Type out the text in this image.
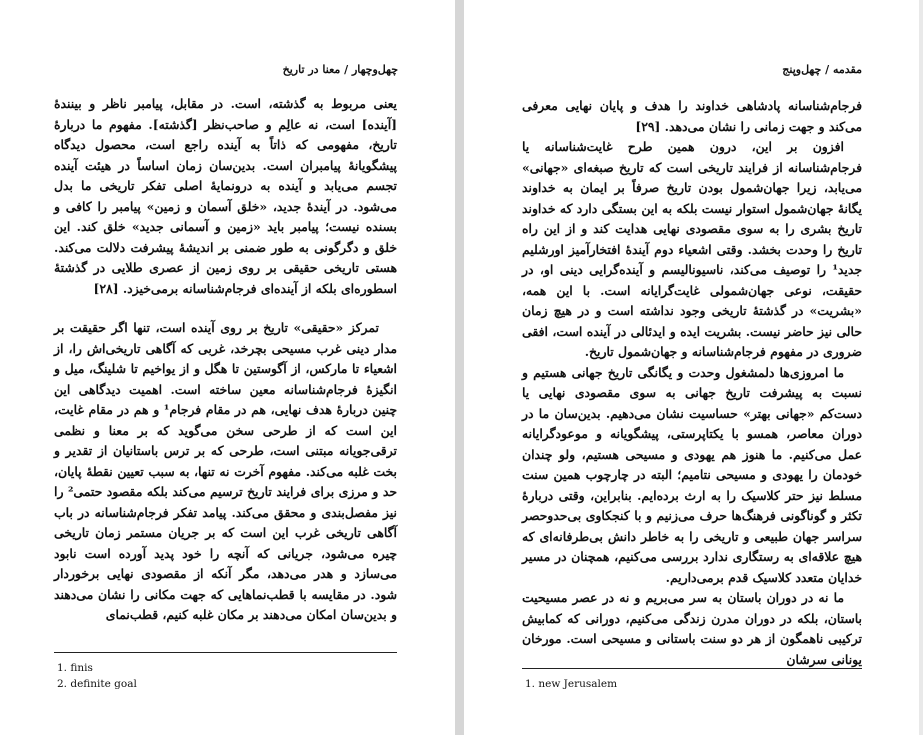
چهل‌وچهار / معنا در تاریخ

یعنی مربوط به گذشته، است. در مقابل، پیامبر ناظر و بینندۀ [آینده] است، نه عالِم و صاحب‌نظر [گذشته]. مفهوم ما دربارۀ تاریخ، مفهومی که ذاتاً به آینده راجع است، محصول دیدگاه پیشگویانۀ پیامبران است. بدین‌سان زمان اساساً در هیئت آینده تجسم می‌یابد و آینده به درونمایۀ اصلی تفکر تاریخی ما بدل می‌شود. در آیندۀ جدید، «خلق آسمان و زمین» پیامبر را کافی و بسنده نیست؛ پیامبر باید «زمین و آسمانی جدید» خلق کند. این خلق و دگرگونی به طور ضمنی بر اندیشۀ پیشرفت دلالت می‌کند. هستی تاریخی حقیقی بر روی زمین از عصری طلایی در گذشتۀ اسطوره‌ای بلکه از آینده‌ای فرجام‌شناسانه برمی‌خیزد. [۲۸]

تمرکز «حقیقی» تاریخ بر روی آینده است، تنها اگر حقیقت بر مدار دینی غرب مسیحی بچرخد، غربی که آگاهی تاریخی‌اش را، از اشعیاء تا مارکس، از آگوستین تا هگل و از یواخیم تا شلینگ، میل و انگیزۀ فرجام‌شناسانه معین ساخته است. اهمیت دیدگاهی این چنین دربارۀ هدف نهایی، هم در مقام فرجام¹ و هم در مقام غایت، این است که از طرحی سخن می‌گوید که بر معنا و نظمی ترقی‌جویانه مبتنی است، طرحی که بر ترس باستانیان از تقدیر و بخت غلبه می‌کند. مفهوم آخرت نه تنها، به سبب تعیین نقطۀ پایان، حد و مرزی برای فرایند تاریخ ترسیم می‌کند بلکه مقصود حتمی² را نیز مفصل‌بندی و محقق می‌کند. پیامد تفکر فرجام‌شناسانه در باب آگاهی تاریخی غرب این است که بر جریان مستمر زمان تاریخی چیره می‌شود، جریانی که آنچه را خود پدید آورده است نابود می‌سازد و هدر می‌دهد، مگر آنکه از مقصودی نهایی برخوردار شود. در مقایسه با قطب‌نماهایی که جهت مکانی را نشان می‌دهند و بدین‌سان امکان می‌دهند بر مکان غلبه کنیم، قطب‌نمای

1. finis
2. definite goal
مقدمه / چهل‌وپنج

فرجام‌شناسانه پادشاهی خداوند را هدف و پایان نهایی معرفی می‌کند و جهت زمانی را نشان می‌دهد. [۲۹]

افزون بر این، درون همین طرح غایت‌شناسانه یا فرجام‌شناسانه از فرایند تاریخی است که تاریخ صبغه‌ای «جهانی» می‌یابد، زیرا جهان‌شمول بودن تاریخ صرفاً بر ایمان به خداوند یگانۀ جهان‌شمول استوار نیست بلکه به این بستگی دارد که خداوند تاریخ بشری را به سوی مقصودی نهایی هدایت کند و از این راه تاریخ را وحدت بخشد. وقتی اشعیاء دوم آیندۀ افتخارآمیز اورشلیم جدید¹ را توصیف می‌کند، ناسیونالیسم و آینده‌گرایی دینی او، در حقیقت، نوعی جهان‌شمولی غایت‌گرایانه است. با این همه، «بشریت» در گذشتۀ تاریخی وجود نداشته است و در هیچ زمان حالی نیز حاضر نیست. بشریت ایده و ایدئالی در آینده است، افقی ضروری در مفهوم فرجام‌شناسانه و جهان‌شمول تاریخ.

ما امروزی‌ها دلمشغول وحدت و یگانگی تاریخ جهانی هستیم و نسبت به پیشرفت تاریخ جهانی به سوی مقصودی نهایی یا دست‌کم «جهانی بهتر» حساسیت نشان می‌دهیم. بدین‌سان ما در دوران معاصر، همسو با یکتاپرستی، پیشگویانه و موعودگرایانه عمل می‌کنیم. ما هنوز هم یهودی و مسیحی هستیم، ولو چندان خودمان را یهودی و مسیحی نتامیم؛ البته در چارچوب همین سنت مسلط نیز حتر کلاسیک را به ارث برده‌ایم. بنابراین، وقتی دربارۀ تکثر و گوناگونی فرهنگ‌ها حرف می‌زنیم و با کنجکاوی بی‌حدوحصر سراسر جهان طبیعی و تاریخی را به خاطر دانش بی‌طرفانه‌ای که هیچ علاقه‌ای به رستگاری ندارد بررسی می‌کنیم، همچنان در مسیر خدایان متعدد کلاسیک قدم برمی‌داریم.

ما نه در دوران باستان به سر می‌بریم و نه در عصر مسیحیت باستان، بلکه در دوران مدرن زندگی می‌کنیم، دورانی که کمابیش ترکیبی ناهمگون از هر دو سنت باستانی و مسیحی است. مورخان یونانی سرشان

1. new Jerusalem
